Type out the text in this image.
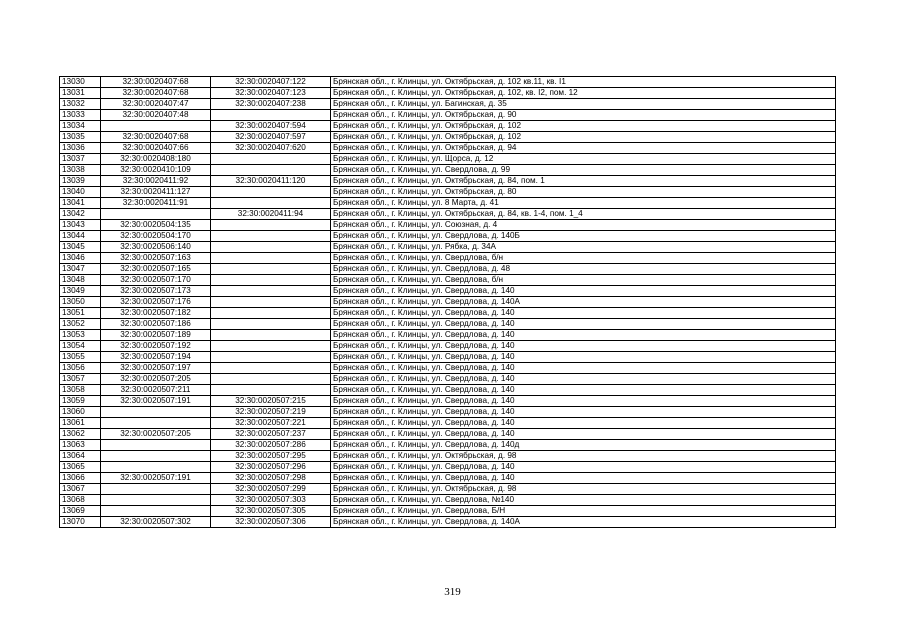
13030	32:30:0020407:68	32:30:0020407:122	Брянская обл., г. Клинцы, ул. Октябрьская, д. 102 кв.11, кв. I1
13031	32:30:0020407:68	32:30:0020407:123	Брянская обл., г. Клинцы, ул. Октябрьская, д. 102, кв. I2, пом. 12
13032	32:30:0020407:47	32:30:0020407:238	Брянская обл., г. Клинцы, ул. Багинская, д. 35
13033	32:30:0020407:48		Брянская обл., г. Клинцы, ул. Октябрьская, д. 90
13034		32:30:0020407:594	Брянская обл., г. Клинцы, ул. Октябрьская, д. 102
13035	32:30:0020407:68	32:30:0020407:597	Брянская обл., г. Клинцы, ул. Октябрьская, д. 102
13036	32:30:0020407:66	32:30:0020407:620	Брянская обл., г. Клинцы, ул. Октябрьская, д. 94
13037	32:30:0020408:180		Брянская обл., г. Клинцы, ул. Щорса, д. 12
13038	32:30:0020410:109		Брянская обл., г. Клинцы, ул. Свердлова, д. 99
13039	32:30:0020411:92	32:30:0020411:120	Брянская обл., г. Клинцы, ул. Октябрьская, д. 84, пом. 1
13040	32:30:0020411:127		Брянская обл., г. Клинцы, ул. Октябрьская, д. 80
13041	32:30:0020411:91		Брянская обл., г. Клинцы, ул. 8 Марта, д. 41
13042		32:30:0020411:94	Брянская обл., г. Клинцы, ул. Октябрьская, д. 84, кв. 1-4, пом. 1_4
13043	32:30:0020504:135		Брянская обл., г. Клинцы, ул. Союзная, д. 4
13044	32:30:0020504:170		Брянская обл., г. Клинцы, ул. Свердлова, д. 140Б
13045	32:30:0020506:140		Брянская обл., г. Клинцы, ул. Рябка, д. 34А
13046	32:30:0020507:163		Брянская обл., г. Клинцы, ул. Свердлова, б/н
13047	32:30:0020507:165		Брянская обл., г. Клинцы, ул. Свердлова, д. 48
13048	32:30:0020507:170		Брянская обл., г. Клинцы, ул. Свердлова, б/н
13049	32:30:0020507:173		Брянская обл., г. Клинцы, ул. Свердлова, д. 140
13050	32:30:0020507:176		Брянская обл., г. Клинцы, ул. Свердлова, д. 140А
13051	32:30:0020507:182		Брянская обл., г. Клинцы, ул. Свердлова, д. 140
13052	32:30:0020507:186		Брянская обл., г. Клинцы, ул. Свердлова, д. 140
13053	32:30:0020507:189		Брянская обл., г. Клинцы, ул. Свердлова, д. 140
13054	32:30:0020507:192		Брянская обл., г. Клинцы, ул. Свердлова, д. 140
13055	32:30:0020507:194		Брянская обл., г. Клинцы, ул. Свердлова, д. 140
13056	32:30:0020507:197		Брянская обл., г. Клинцы, ул. Свердлова, д. 140
13057	32:30:0020507:205		Брянская обл., г. Клинцы, ул. Свердлова, д. 140
13058	32:30:0020507:211		Брянская обл., г. Клинцы, ул. Свердлова, д. 140
13059	32:30:0020507:191	32:30:0020507:215	Брянская обл., г. Клинцы, ул. Свердлова, д. 140
13060		32:30:0020507:219	Брянская обл., г. Клинцы, ул. Свердлова, д. 140
13061		32:30:0020507:221	Брянская обл., г. Клинцы, ул. Свердлова, д. 140
13062	32:30:0020507:205	32:30:0020507:237	Брянская обл., г. Клинцы, ул. Свердлова, д. 140
13063		32:30:0020507:286	Брянская обл., г. Клинцы, ул. Свердлова, д. 140д
13064		32:30:0020507:295	Брянская обл., г. Клинцы, ул. Октябрьская, д. 98
13065		32:30:0020507:296	Брянская обл., г. Клинцы, ул. Свердлова, д. 140
13066	32:30:0020507:191	32:30:0020507:298	Брянская обл., г. Клинцы, ул. Свердлова, д. 140
13067		32:30:0020507:299	Брянская обл., г. Клинцы, ул. Октябрьская, д. 98
13068		32:30:0020507:303	Брянская обл., г. Клинцы, ул. Свердлова, №140
13069		32:30:0020507:305	Брянская обл., г. Клинцы, ул. Свердлова, Б/Н
13070	32:30:0020507:302	32:30:0020507:306	Брянская обл., г. Клинцы, ул. Свердлова, д. 140А
319
